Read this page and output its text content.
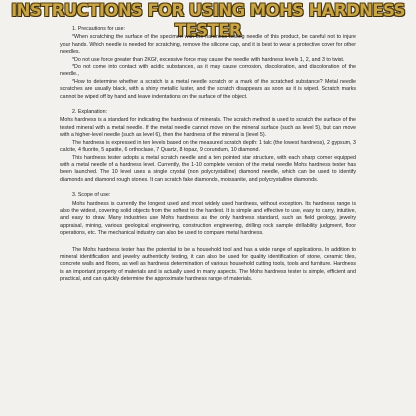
INSTRUCTIONS FOR USING MOHS HARDNESS TESTER
1. Precautions for use:

*When scratching the surface of the specimen with the hardness testing needle of this product, be careful not to injure your hands. Which needle is needed for scratching, remove the silicone cap, and it is best to wear a protective cover for other needles.

*Do not use force greater than 2KGf, excessive force may cause the needle with hardness levels 1, 2, and 3 to twist.

*Do not come into contact with acidic substances, as it may cause corrosion, discoloration, and discoloration of the needle.,

*How to determine whether a scratch is a metal needle scratch or a mark of the scratched substance? Metal needle scratches are usually black, with a shiny metallic luster, and the scratch disappears as soon as it is wiped. Scratch marks cannot be wiped off by hand and leave indentations on the surface of the object.

2. Explanation:

Mohs hardness is a standard for indicating the hardness of minerals. The scratch method is used to scratch the surface of the tested mineral with a metal needle. If the metal needle cannot move on the mineral surface (such as level 5), but can move with a higher-level needle (such as level 6), then the hardness of the mineral is (level 5).

The hardness is expressed in ten levels based on the measured scratch depth: 1 talc (the lowest hardness), 2 gypsum, 3 calcite, 4 fluorite, 5 apatite, 6 orthoclase, 7 Quartz, 8 topaz, 9 corundum, 10 diamond.

This hardness tester adopts a metal scratch needle and a ten pointed star structure, with each sharp corner equipped with a metal needle of a hardness level. Currently, the 1-10 complete version of the metal needle Mohs hardness tester has been launched. The 10 level uses a single crystal (non polycrystalline) diamond needle, which can be used to identify diamonds and diamond rough stones. It can scratch fake diamonds, moissanite, and polycrystalline diamonds.

3. Scope of use:

Mohs hardness is currently the longest used and most widely used hardness, without exception. Its hardness range is also the widest, covering solid objects from the softest to the hardest. It is simple and effective to use, easy to carry, intuitive, and easy to draw. Many industries use Mohs hardness as the only hardness standard, such as field geology, jewelry appraisal, mining, various geological engineering, construction engineering, drilling rock sample drillability judgment, floor operations, etc. The mechanical industry can also be used to compare metal hardness.

The Mohs hardness tester has the potential to be a household tool and has a wide range of applications. In addition to mineral identification and jewelry authenticity testing, it can also be used for quality identification of stone, ceramic tiles, concrete walls and floors, as well as hardness determination of various household cutting tools, tools and furniture. Hardness is an important property of materials and is actually used in many aspects. The Mohs hardness tester is simple, efficient and practical, and can quickly determine the approximate hardness range of materials.
